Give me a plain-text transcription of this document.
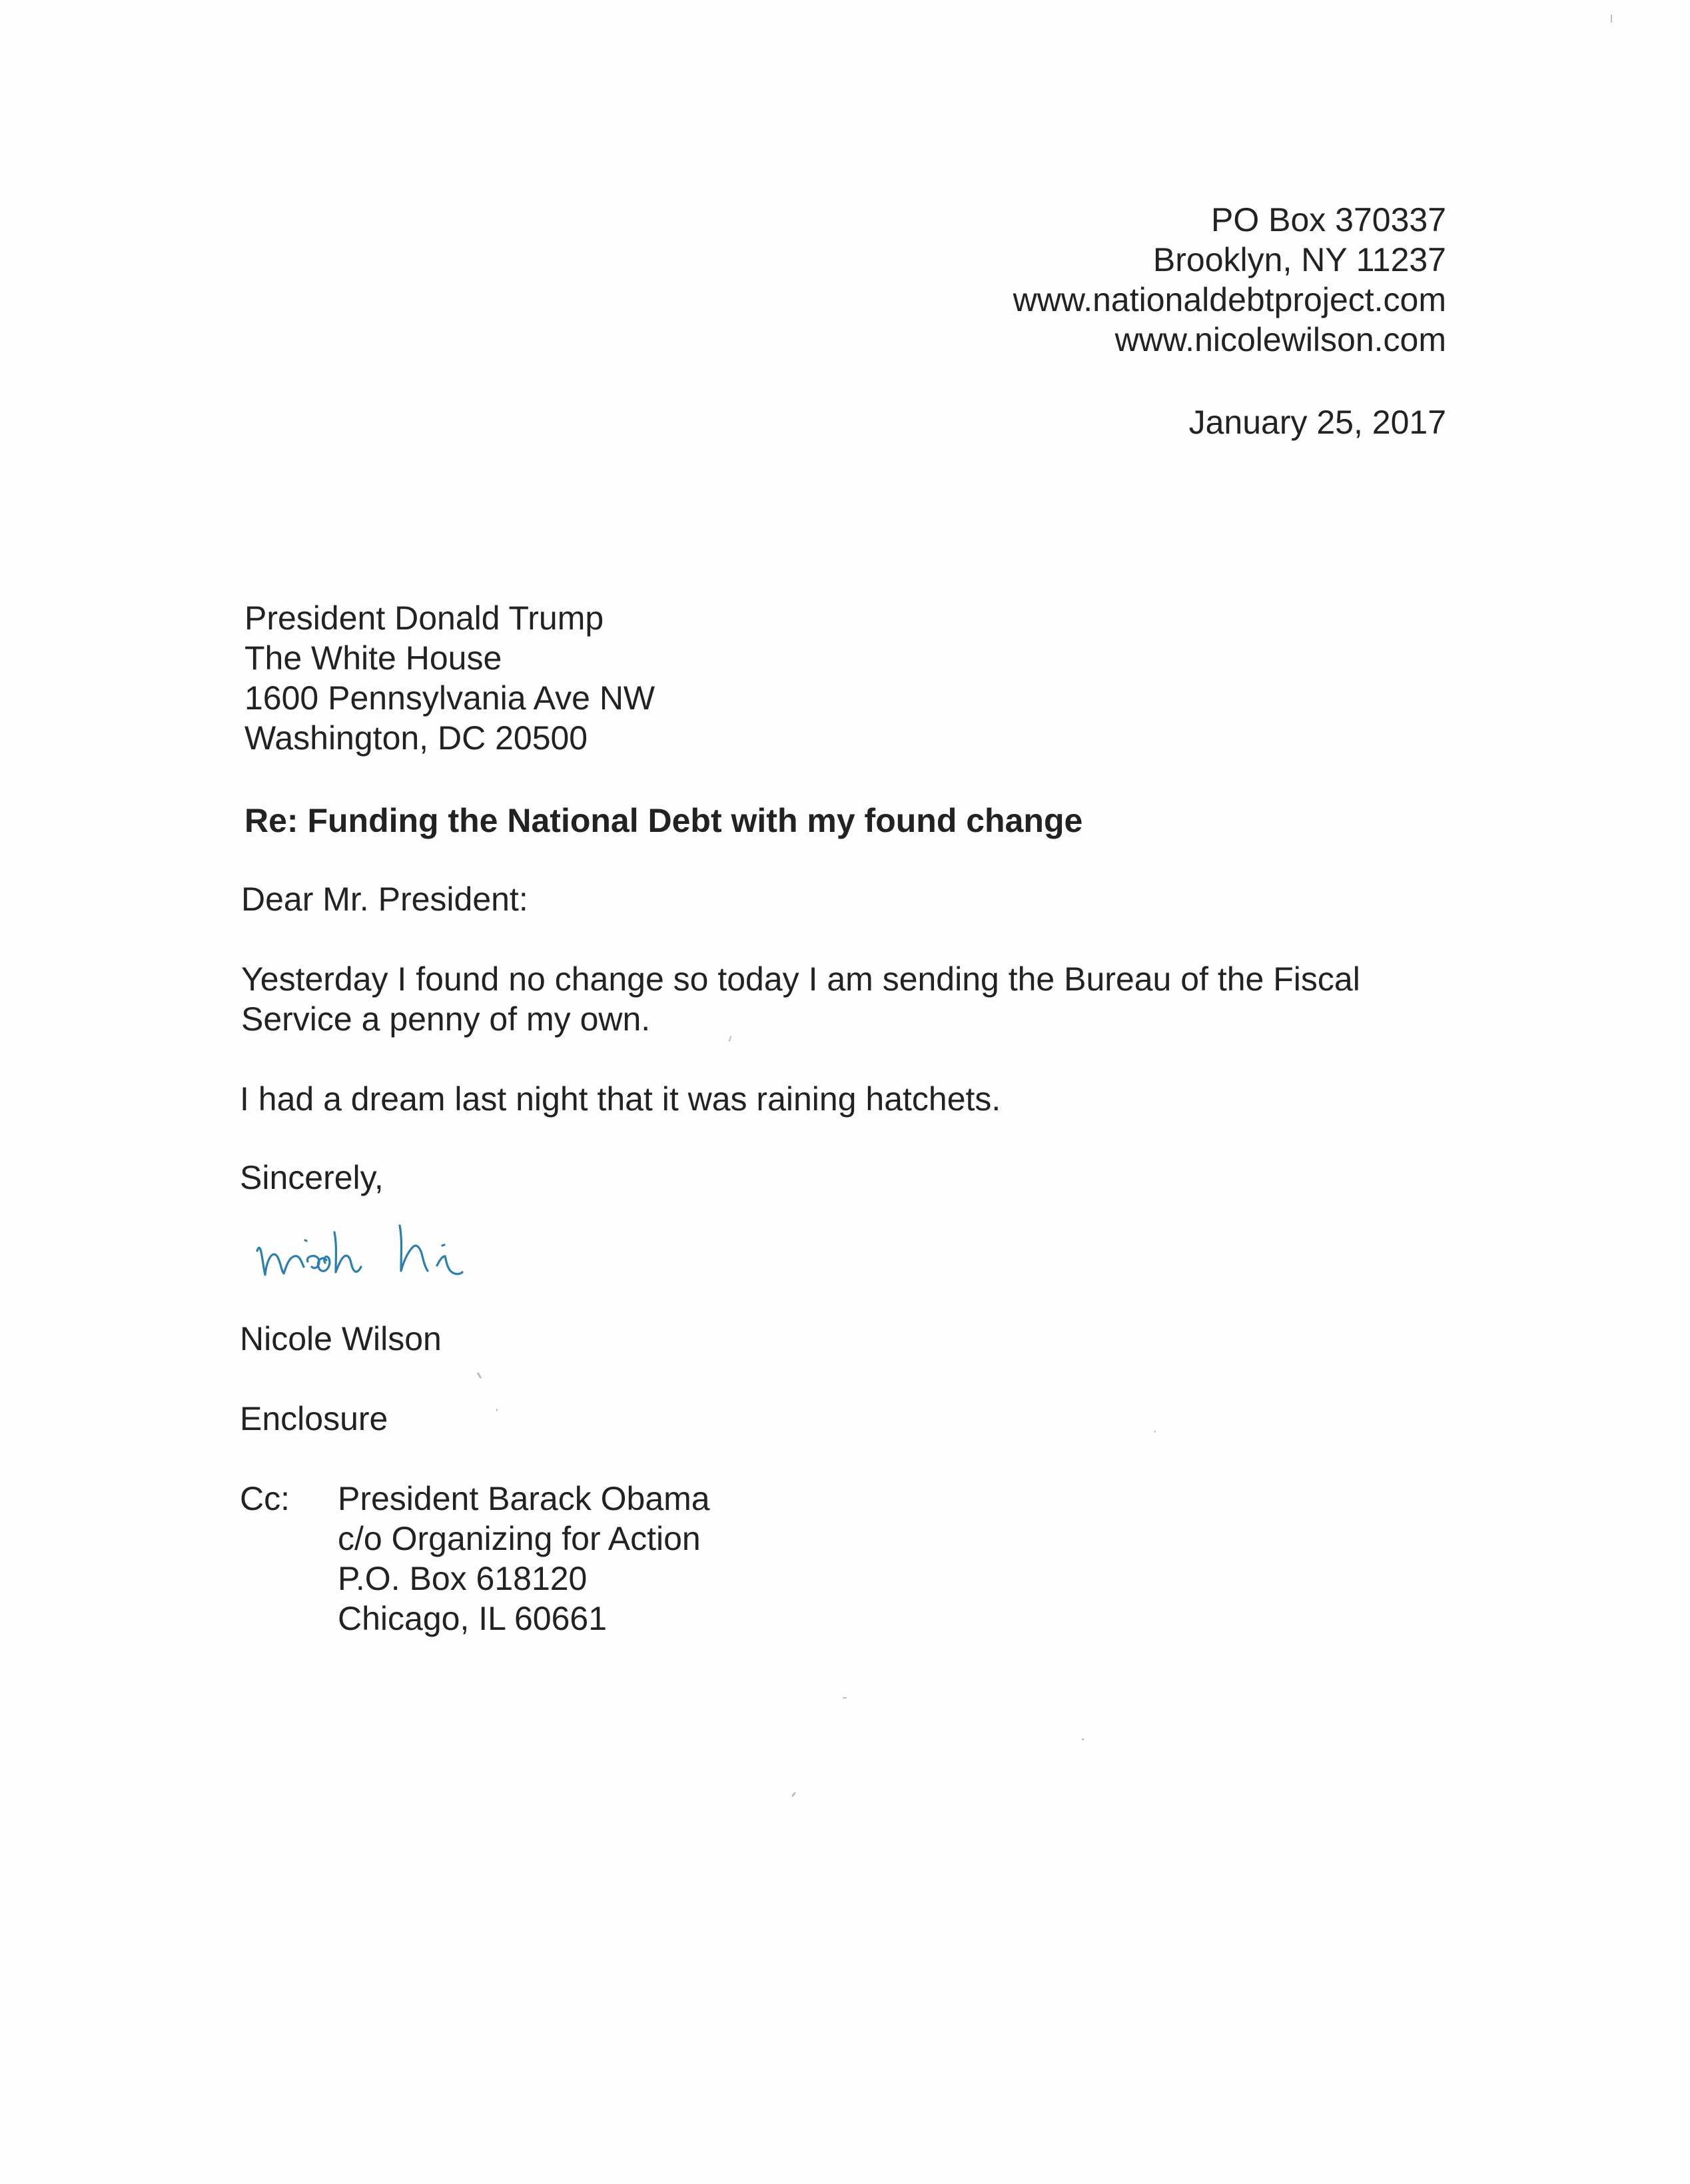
PO Box 370337
Brooklyn, NY 11237
www.nationaldebtproject.com
www.nicolewilson.com
January 25, 2017
President Donald Trump
The White House
1600 Pennsylvania Ave NW
Washington, DC 20500
Re: Funding the National Debt with my found change
Dear Mr. President:
Yesterday I found no change so today I am sending the Bureau of the Fiscal
Service a penny of my own.
I had a dream last night that it was raining hatchets.
Sincerely,
Nicole Wilson
Enclosure
Cc: President Barack Obama
c/o Organizing for Action
P.O. Box 618120
Chicago, IL 60661
